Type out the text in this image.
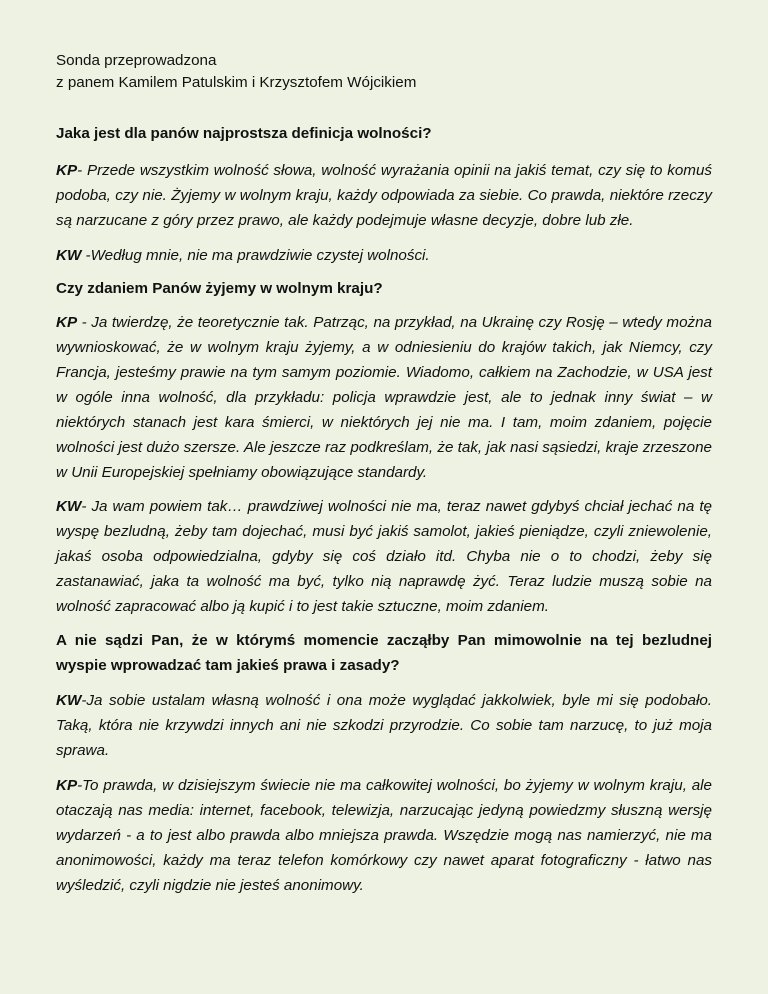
Sonda przeprowadzona

z panem Kamilem Patulskim i Krzysztofem Wójcikiem

Jaka jest dla panów najprostsza definicja wolności?

KP- Przede wszystkim wolność słowa, wolność wyrażania opinii na jakiś temat, czy się to komuś podoba, czy nie. Żyjemy w wolnym kraju, każdy odpowiada za siebie. Co prawda, niektóre rzeczy są narzucane z góry przez prawo, ale każdy podejmuje własne decyzje, dobre lub złe.

KW -Według mnie, nie ma prawdziwie czystej wolności.

Czy zdaniem Panów żyjemy w wolnym kraju?

KP - Ja twierdzę, że teoretycznie tak. Patrząc, na przykład, na Ukrainę czy Rosję – wtedy można wywnioskować, że w wolnym kraju żyjemy, a w odniesieniu do krajów takich, jak Niemcy, czy Francja, jesteśmy prawie na tym samym poziomie. Wiadomo, całkiem na Zachodzie, w USA jest w ogóle inna wolność, dla przykładu: policja wprawdzie jest, ale to jednak inny świat – w niektórych stanach jest kara śmierci, w niektórych jej nie ma. I tam, moim zdaniem, pojęcie wolności jest dużo szersze. Ale jeszcze raz podkreślam, że tak, jak nasi sąsiedzi, kraje zrzeszone w Unii Europejskiej spełniamy obowiązujące standardy.

KW- Ja wam powiem tak… prawdziwej wolności nie ma, teraz nawet gdybyś chciał jechać na tę wyspę bezludną, żeby tam dojechać, musi być jakiś samolot, jakieś pieniądze, czyli zniewolenie, jakaś osoba odpowiedzialna, gdyby się coś działo itd. Chyba nie o to chodzi, żeby się zastanawiać, jaka ta wolność ma być, tylko nią naprawdę żyć. Teraz ludzie muszą sobie na wolność zapracować albo ją kupić i to jest takie sztuczne, moim zdaniem.

A nie sądzi Pan, że w którymś momencie zacząłby Pan mimowolnie na tej bezludnej wyspie wprowadzać tam jakieś prawa i zasady?

KW-Ja sobie ustalam własną wolność i ona może wyglądać jakkolwiek, byle mi się podobało. Taką, która nie krzywdzi innych ani nie szkodzi przyrodzie. Co sobie tam narzucę, to już moja sprawa.

KP-To prawda, w dzisiejszym świecie nie ma całkowitej wolności, bo żyjemy w wolnym kraju, ale otaczają nas media: internet, facebook, telewizja, narzucając jedyną powiedzmy słuszną wersję wydarzeń - a to jest albo prawda albo mniejsza prawda. Wszędzie mogą nas namierzyć, nie ma anonimowości, każdy ma teraz telefon komórkowy czy nawet aparat fotograficzny - łatwo nas wyśledzić, czyli nigdzie nie jesteś anonimowy.
